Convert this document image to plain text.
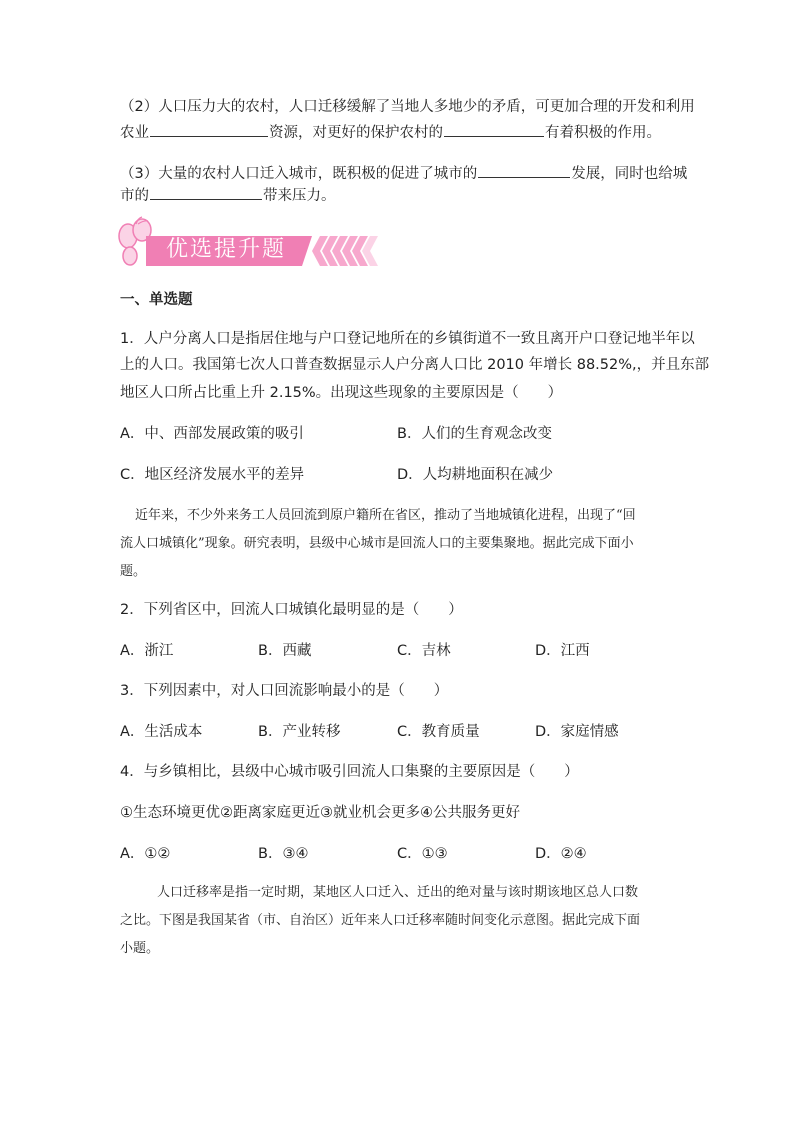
（2）人口压力大的农村，人口迁移缓解了当地人多地少的矛盾，可更加合理的开发和利用
农业	资源，对更好的保护农村的	有着积极的作用。
（3）大量的农村人口迁入城市，既积极的促进了城市的	发展，同时也给城
市的	带来压力。
优选提升题
一、单选题
1．人户分离人口是指居住地与户口登记地所在的乡镇街道不一致且离开户口登记地半年以
上的人口。我国第七次人口普查数据显示人户分离人口比 2010 年增长 88.52%,，并且东部
地区人口所占比重上升 2.15%。出现这些现象的主要原因是（　　）
A．中、西部发展政策的吸引	B．人们的生育观念改变
C．地区经济发展水平的差异	D．人均耕地面积在减少
近年来，不少外来务工人员回流到原户籍所在省区，推动了当地城镇化进程，出现了“回
流人口城镇化”现象。研究表明，县级中心城市是回流人口的主要集聚地。据此完成下面小
题。
2．下列省区中，回流人口城镇化最明显的是（　　）
A．浙江	B．西藏	C．吉林	D．江西
3．下列因素中，对人口回流影响最小的是（　　）
A．生活成本	B．产业转移	C．教育质量	D．家庭情感
4．与乡镇相比，县级中心城市吸引回流人口集聚的主要原因是（　　）
①生态环境更优②距离家庭更近③就业机会更多④公共服务更好
A．①②	B．③④	C．①③	D．②④
人口迁移率是指一定时期，某地区人口迁入、迁出的绝对量与该时期该地区总人口数
之比。下图是我国某省（市、自治区）近年来人口迁移率随时间变化示意图。据此完成下面
小题。
